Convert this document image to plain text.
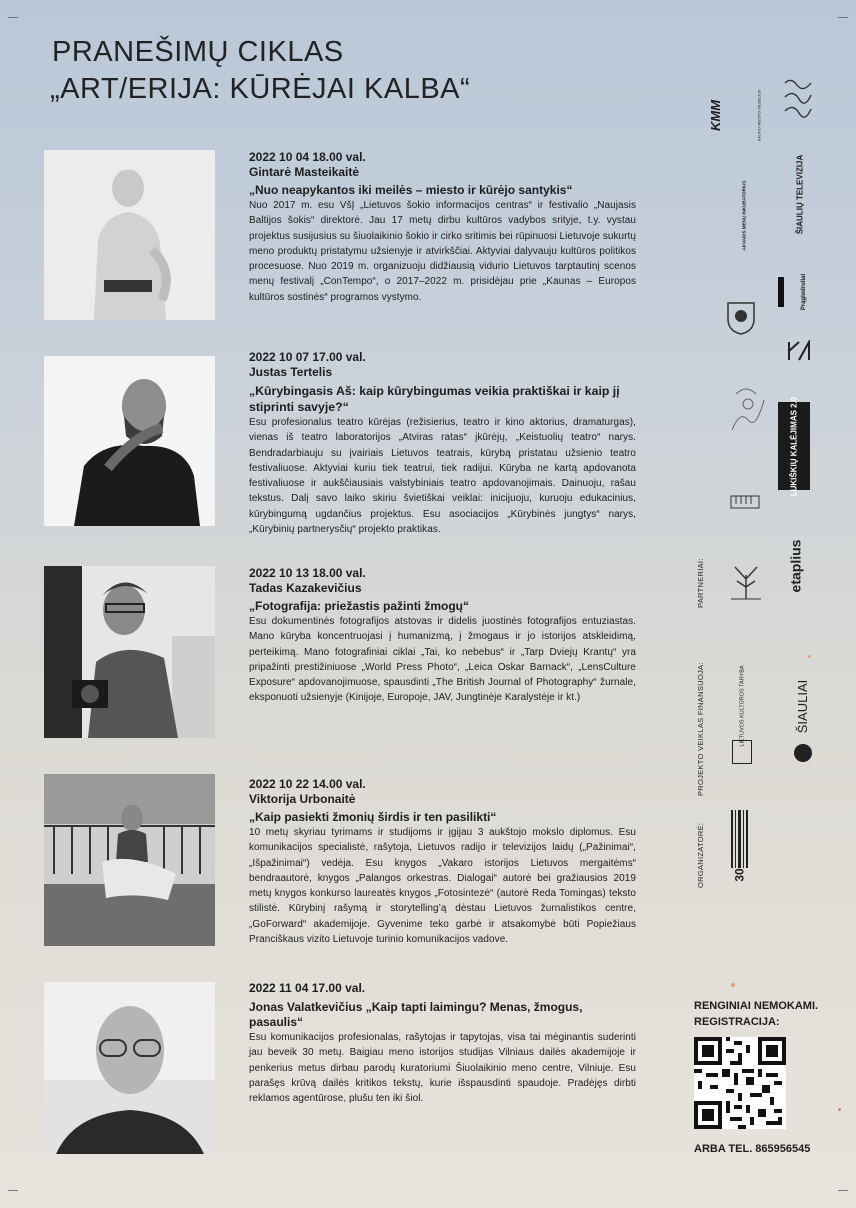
PRANEŠIMŲ CIKLAS
„ART/ERIJA: KŪRĖJAI KALBA“
2022 10 04 18.00 val.
Gintarė Masteikaitė
„Nuo neapykantos iki meilės – miesto ir kūrėjo santykis“
Nuo 2017 m. esu VšĮ „Lietuvos šokio informacijos centras“ ir festivalio „Naujasis Baltijos šokis“ direktorė. Jau 17 metų dirbu kultūros vadybos srityje, t.y. vystau projektus susijusius su šiuolaikinio šokio ir cirko sritimis bei rūpinuosi Lietuvoje sukurtų meno produktų pristatymu užsienyje ir atvirkščiai. Aktyviai dalyvauju kultūros politikos procesuose. Nuo 2019 m. organizuoju didžiausią vidurio Lietuvos tarptautinį scenos menų festivalį „ConTempo“, o 2017–2022 m. prisidėjau prie „Kaunas – Europos kultūros sostinės“ programos vystymo.
2022 10 07 17.00 val.
Justas Tertelis
„Kūrybingasis Aš: kaip kūrybingumas veikia praktiškai ir kaip jį stiprinti savyje?“
Esu profesionalus teatro kūrėjas (režisierius, teatro ir kino aktorius, dramaturgas), vienas iš teatro laboratorijos „Atviras ratas“ įkūrėjų, „Keistuolių teatro“ narys. Bendradarbiauju su įvairiais Lietuvos teatrais, kūrybą pristatau užsienio teatro festivaliuose. Aktyviai kuriu tiek teatrui, tiek radijui. Kūryba ne kartą apdovanota festivaliuose ir aukščiausiais valstybiniais teatro apdovanojimais. Dainuoju, rašau tekstus. Dalį savo laiko skiriu švietiškai veiklai: inicijuoju, kuruoju edukacinius, kūrybingumą ugdančius projektus. Esu asociacijos „Kūrybinės jungtys“ narys, „Kūrybinių partnerysčių“ projekto praktikas.
2022 10 13 18.00 val.
Tadas Kazakevičius
„Fotografija: priežastis pažinti žmogų“
Esu dokumentinės fotografijos atstovas ir didelis juostinės fotografijos entuziastas. Mano kūryba koncentruojasi į humanizmą, į žmogaus ir jo istorijos atskleidimą, perteikimą. Mano fotografiniai ciklai „Tai, ko nebebus“ ir „Tarp Dviejų Krantų“ yra pripažinti prestižiniuose „World Press Photo“, „Leica Oskar Barnack“, „LensCulture Exposure“ apdovanojimuose, spausdinti „The British Journal of Photography“ žurnale, eksponuoti užsienyje (Kinijoje, Europoje, JAV, Jungtinėje Karalystėje ir kt.)
2022 10 22 14.00 val.
Viktorija Urbonaitė
„Kaip pasiekti žmonių širdis ir ten pasilikti“
10 metų skyriau tyrimams ir studijoms ir įgijau 3 aukštojo mokslo diplomus. Esu komunikacijos specialistė, rašytoja, Lietuvos radijo ir televizijos laidų („Pažinimai“, „Išpažinimai“) vedėja. Esu knygos „Vakaro istorijos Lietuvos mergaitėms“ bendraautorė, knygos „Palangos orkestras. Dialogai“ autorė bei gražiausios 2019 metų knygos konkurso laureatės knygos „Fotosintezė“ (autorė Reda Tomingas) teksto stilistė. Kūrybinį rašymą ir storytelling’ą dėstau Lietuvos žurnalistikos centre, „GoForward“ akademijoje. Gyvenime teko garbė ir atsakomybė būti Popiežiaus Pranciškaus vizito Lietuvoje turinio komunikacijos vadove.
2022 11 04 17.00 val.
Jonas Valatkevičius „Kaip tapti laimingu? Menas, žmogus, pasaulis“
Esu komunikacijos profesionalas, rašytojas ir tapytojas, visa tai mėginantis suderinti jau beveik 30 metų. Baigiau meno istorijos studijas Vilniaus dailės akademijoje ir penkerius metus dirbau parodų kuratoriumi Šiuolaikinio meno centre, Vilniuje. Esu parašęs krūvą dailės kritikos tekstų, kurie išspausdinti spaudoje. Pradėjęs dirbti reklamos agentūrose, plušu ten iki šiol.
PARTNERIAI:
PROJEKTO VEIKLAS FINANSUOJA:
ORGANIZATORĖ:
KMM	KAUNO MIESTO MUZIEJUS
AKVADIS MENŲ INKUBATORIUS	ŠIAULIŲ TELEVIZIJA
Prągiedruliai
LUKIŠKIŲ KALĖJIMAS 2.0
etaplius
LIETUVOS KULTŪROS TARYBA	ŠIAULIAI
30
RENGINIAI NEMOKAMI.
REGISTRACIJA:
ARBA TEL. 865956545
